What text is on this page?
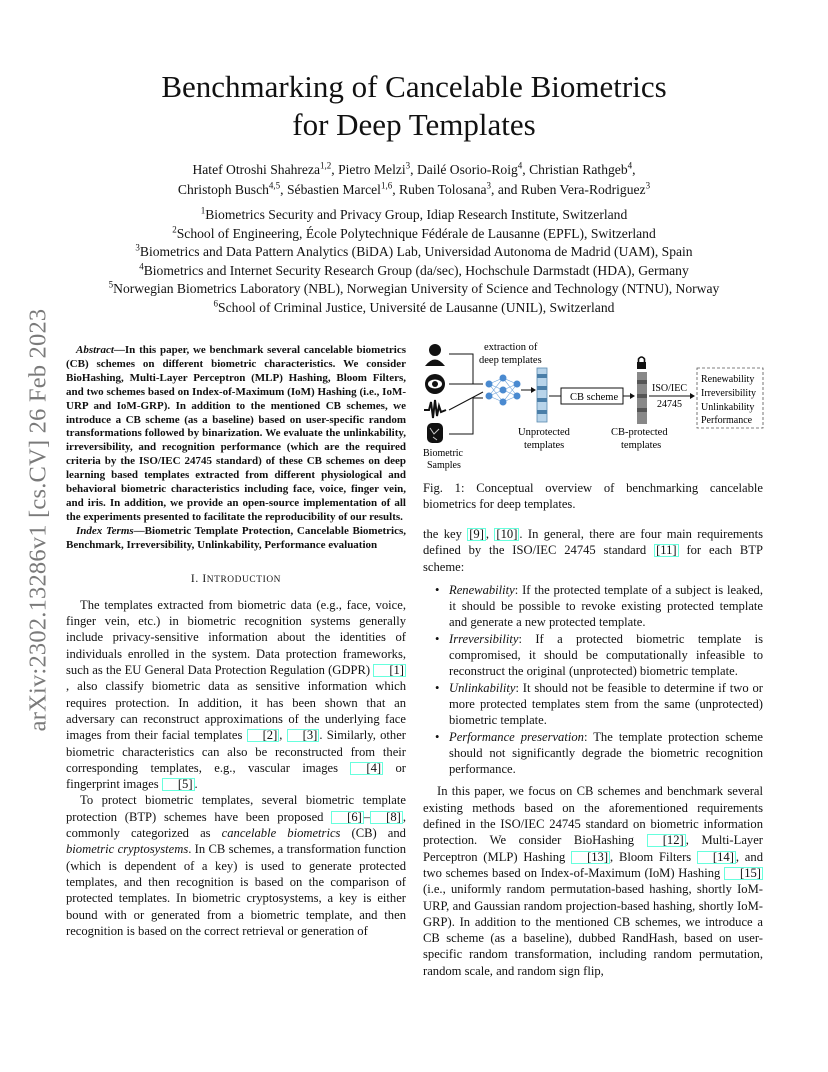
arXiv:2302.13286v1 [cs.CV] 26 Feb 2023
Benchmarking of Cancelable Biometrics
for Deep Templates
Hatef Otroshi Shahreza$^{1,2}$, Pietro Melzi$^3$, Dailé Osorio-Roig$^4$, Christian Rathgeb$^4$,
Christoph Busch$^{4,5}$, Sébastien Marcel$^{1,6}$, Ruben Tolosana$^3$, and Ruben Vera-Rodriguez$^3$
$^1$Biometrics Security and Privacy Group, Idiap Research Institute, Switzerland
$^2$School of Engineering, École Polytechnique Fédérale de Lausanne (EPFL), Switzerland
$^3$Biometrics and Data Pattern Analytics (BiDA) Lab, Universidad Autonoma de Madrid (UAM), Spain
$^4$Biometrics and Internet Security Research Group (da/sec), Hochschule Darmstadt (HDA), Germany
$^5$Norwegian Biometrics Laboratory (NBL), Norwegian University of Science and Technology (NTNU), Norway
$^6$School of Criminal Justice, Université de Lausanne (UNIL), Switzerland

Abstract—In this paper, we benchmark several cancelable biometrics (CB) schemes on different biometric characteristics. We consider BioHashing, Multi-Layer Perceptron (MLP) Hashing, Bloom Filters, and two schemes based on Index-of-Maximum (IoM) Hashing (i.e., IoM-URP and IoM-GRP). In addition to the mentioned CB schemes, we introduce a CB scheme (as a baseline) based on user-specific random transformations followed by binarization. We evaluate the unlinkability, irreversibility, and recognition performance (which are the required criteria by the ISO/IEC 24745 standard) of these CB schemes on deep learning based templates extracted from different physiological and behavioral biometric characteristics including face, voice, finger vein, and iris. In addition, we provide an open-source implementation of all the experiments presented to facilitate the reproducibility of our results.

Index Terms—Biometric Template Protection, Cancelable Biometrics, Benchmark, Irreversibility, Unlinkability, Performance evaluation

I. INTRODUCTION

The templates extracted from biometric data (e.g., face, voice, finger vein, etc.) in biometric recognition systems generally include privacy-sensitive information about the identities of individuals enrolled in the system. Data protection frameworks, such as the EU General Data Protection Regulation (GDPR) [1], also classify biometric data as sensitive information which requires protection. In addition, it has been shown that an adversary can reconstruct approximations of the underlying face images from their facial templates [2] , [3] . Similarly, other biometric characteristics can also be reconstructed from their corresponding templates, e.g., vascular images [4] or fingerprint images [5] .

To protect biometric templates, several biometric template protection (BTP) schemes have been proposed [6] – [8] , commonly categorized as cancelable biometrics (CB) and biometric cryptosystems. In CB schemes, a transformation function (which is dependent of a key) is used to generate protected templates, and then recognition is based on the comparison of protected templates. In biometric cryptosystems, a key is either bound with or generated from a biometric template, and then recognition is based on the correct retrieval or generation of

extraction of
deep templates
Unprotected
templates
CB scheme
CB-protected
templates
ISO/IEC
24745
Renewability
Irreversibility
Unlinkability
Performance
Biometric
Samples
Fig. 1: Conceptual overview of benchmarking cancelable biometrics for deep templates.

the key [9] , [10] . In general, there are four main requirements defined by the ISO/IEC 24745 standard [11] for each BTP scheme:

• Renewability: If the protected template of a subject is leaked, it should be possible to revoke existing protected template and generate a new protected template.
• Irreversibility: If a protected biometric template is compromised, it should be computationally infeasible to reconstruct the original (unprotected) biometric template.
• Unlinkability: It should not be feasible to determine if two or more protected templates stem from the same (unprotected) biometric template.
• Performance preservation: The template protection scheme should not significantly degrade the biometric recognition performance.

In this paper, we focus on CB schemes and benchmark several existing methods based on the aforementioned requirements defined in the ISO/IEC 24745 standard on biometric information protection. We consider BioHashing [12] , Multi-Layer Perceptron (MLP) Hashing [13] , Bloom Filters [14] , and two schemes based on Index-of-Maximum (IoM) Hashing [15] (i.e., uniformly random permutation-based hashing, shortly IoM-URP, and Gaussian random projection-based hashing, shortly IoM-GRP). In addition to the mentioned CB schemes, we introduce a CB scheme (as a baseline), dubbed RandHash, based on user-specific random transformation, including random permutation, random scale, and random sign flip,
